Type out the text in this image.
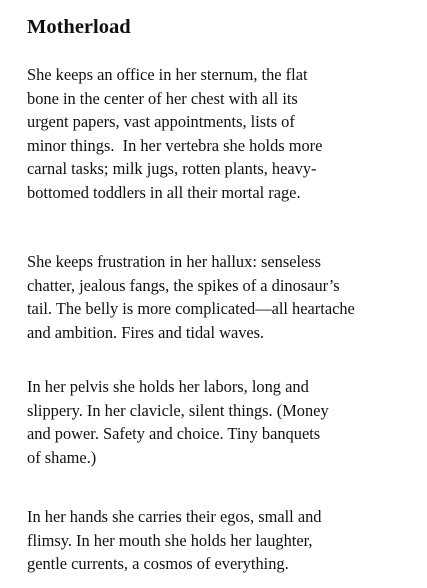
Motherload

She keeps an office in her sternum, the flat
bone in the center of her chest with all its
urgent papers, vast appointments, lists of
minor things.  In her vertebra she holds more
carnal tasks; milk jugs, rotten plants, heavy-
bottomed toddlers in all their mortal rage.

She keeps frustration in her hallux: senseless
chatter, jealous fangs, the spikes of a dinosaur’s
tail. The belly is more complicated—all heartache
and ambition. Fires and tidal waves.

In her pelvis she holds her labors, long and
slippery. In her clavicle, silent things. (Money
and power. Safety and choice. Tiny banquets
of shame.)

In her hands she carries their egos, small and
flimsy. In her mouth she holds her laughter,
gentle currents, a cosmos of everything.
